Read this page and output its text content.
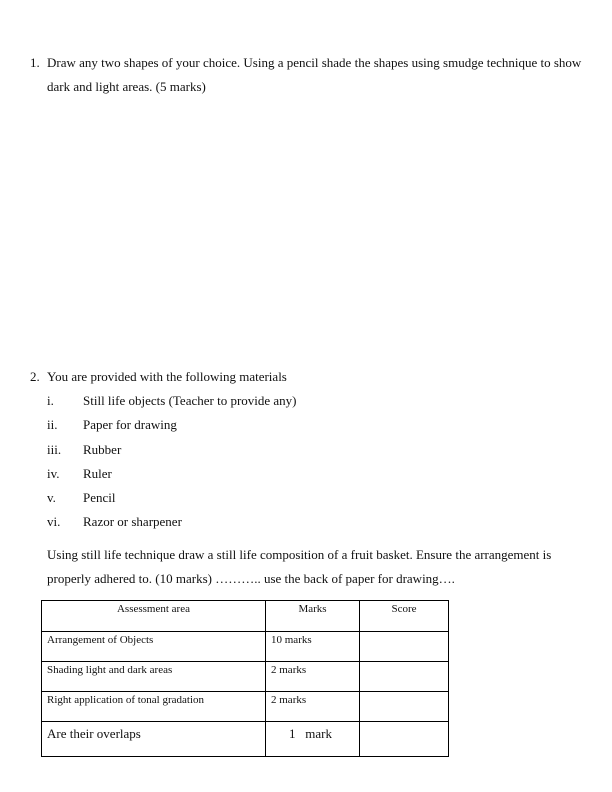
1. Draw any two shapes of your choice. Using a pencil shade the shapes using smudge technique to show dark and light areas. (5 marks)
2. You are provided with the following materials
i.	Still life objects (Teacher to provide any)
ii.	Paper for drawing
iii.	Rubber
iv.	Ruler
v.	Pencil
vi.	Razor or sharpener
Using still life technique draw a still life composition of a fruit basket. Ensure the arrangement is properly adhered to. (10 marks) ……….. use the back of paper for drawing….
Assessment area	Marks	Score
Arrangement of Objects	10 marks	
Shading light and dark areas	2 marks	
Right application of tonal gradation	2 marks	
Are their overlaps	1   mark	
